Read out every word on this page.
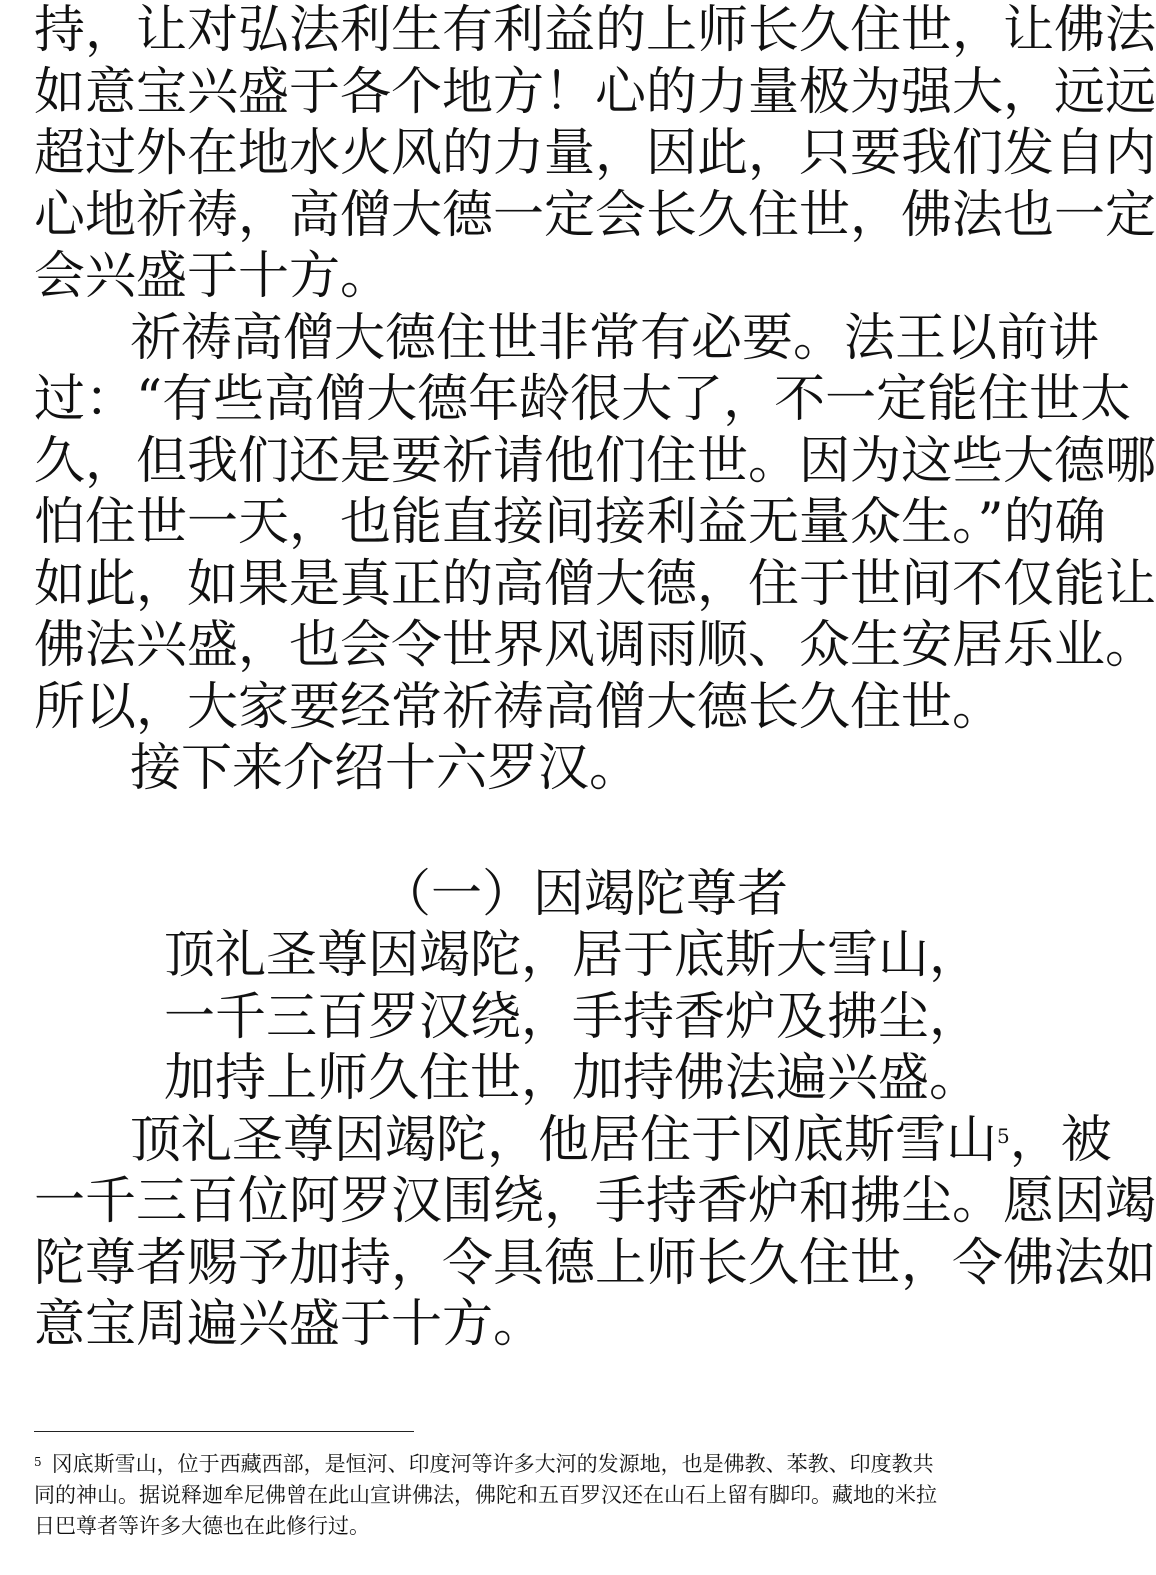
持，让对弘法利生有利益的上师长久住世，让佛法
如意宝兴盛于各个地方！心的力量极为强大，远远
超过外在地水火风的力量，因此，只要我们发自内
心地祈祷，高僧大德一定会长久住世，佛法也一定
会兴盛于十方。
祈祷高僧大德住世非常有必要。法王以前讲
过：“有些高僧大德年龄很大了，不一定能住世太
久，但我们还是要祈请他们住世。因为这些大德哪
怕住世一天，也能直接间接利益无量众生。”的确
如此，如果是真正的高僧大德，住于世间不仅能让
佛法兴盛，也会令世界风调雨顺、众生安居乐业。
所以，大家要经常祈祷高僧大德长久住世。
接下来介绍十六罗汉。
（一）因竭陀尊者
顶礼圣尊因竭陀，居于底斯大雪山，
一千三百罗汉绕，手持香炉及拂尘，
加持上师久住世，加持佛法遍兴盛。
顶礼圣尊因竭陀，他居住于冈底斯雪山$^5$，被
一千三百位阿罗汉围绕，手持香炉和拂尘。愿因竭
陀尊者赐予加持，令具德上师长久住世，令佛法如
意宝周遍兴盛于十方。
$^5$ 冈底斯雪山，位于西藏西部，是恒河、印度河等许多大河的发源地，也是佛教、苯教、印度教共
同的神山。据说释迦牟尼佛曾在此山宣讲佛法，佛陀和五百罗汉还在山石上留有脚印。藏地的米拉
日巴尊者等许多大德也在此修行过。
